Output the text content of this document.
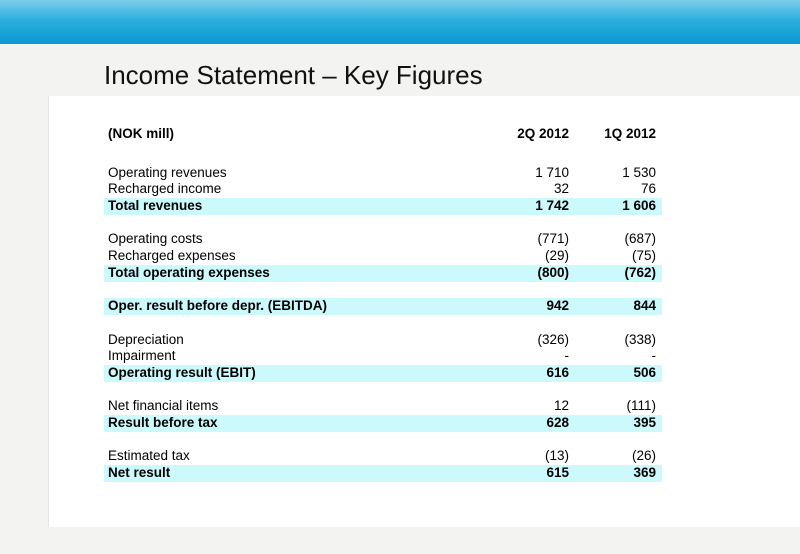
Income Statement – Key Figures
(NOK mill)	2Q 2012	1Q 2012
Operating revenues	1 710	1 530
Recharged income	32	76
Total revenues	1 742	1 606
Operating costs	(771)	(687)
Recharged expenses	(29)	(75)
Total operating expenses	(800)	(762)
Oper. result before depr. (EBITDA)	942	844
Depreciation	(326)	(338)
Impairment	-	-
Operating result (EBIT)	616	506
Net financial items	12	(111)
Result before tax	628	395
Estimated tax	(13)	(26)
Net result	615	369
